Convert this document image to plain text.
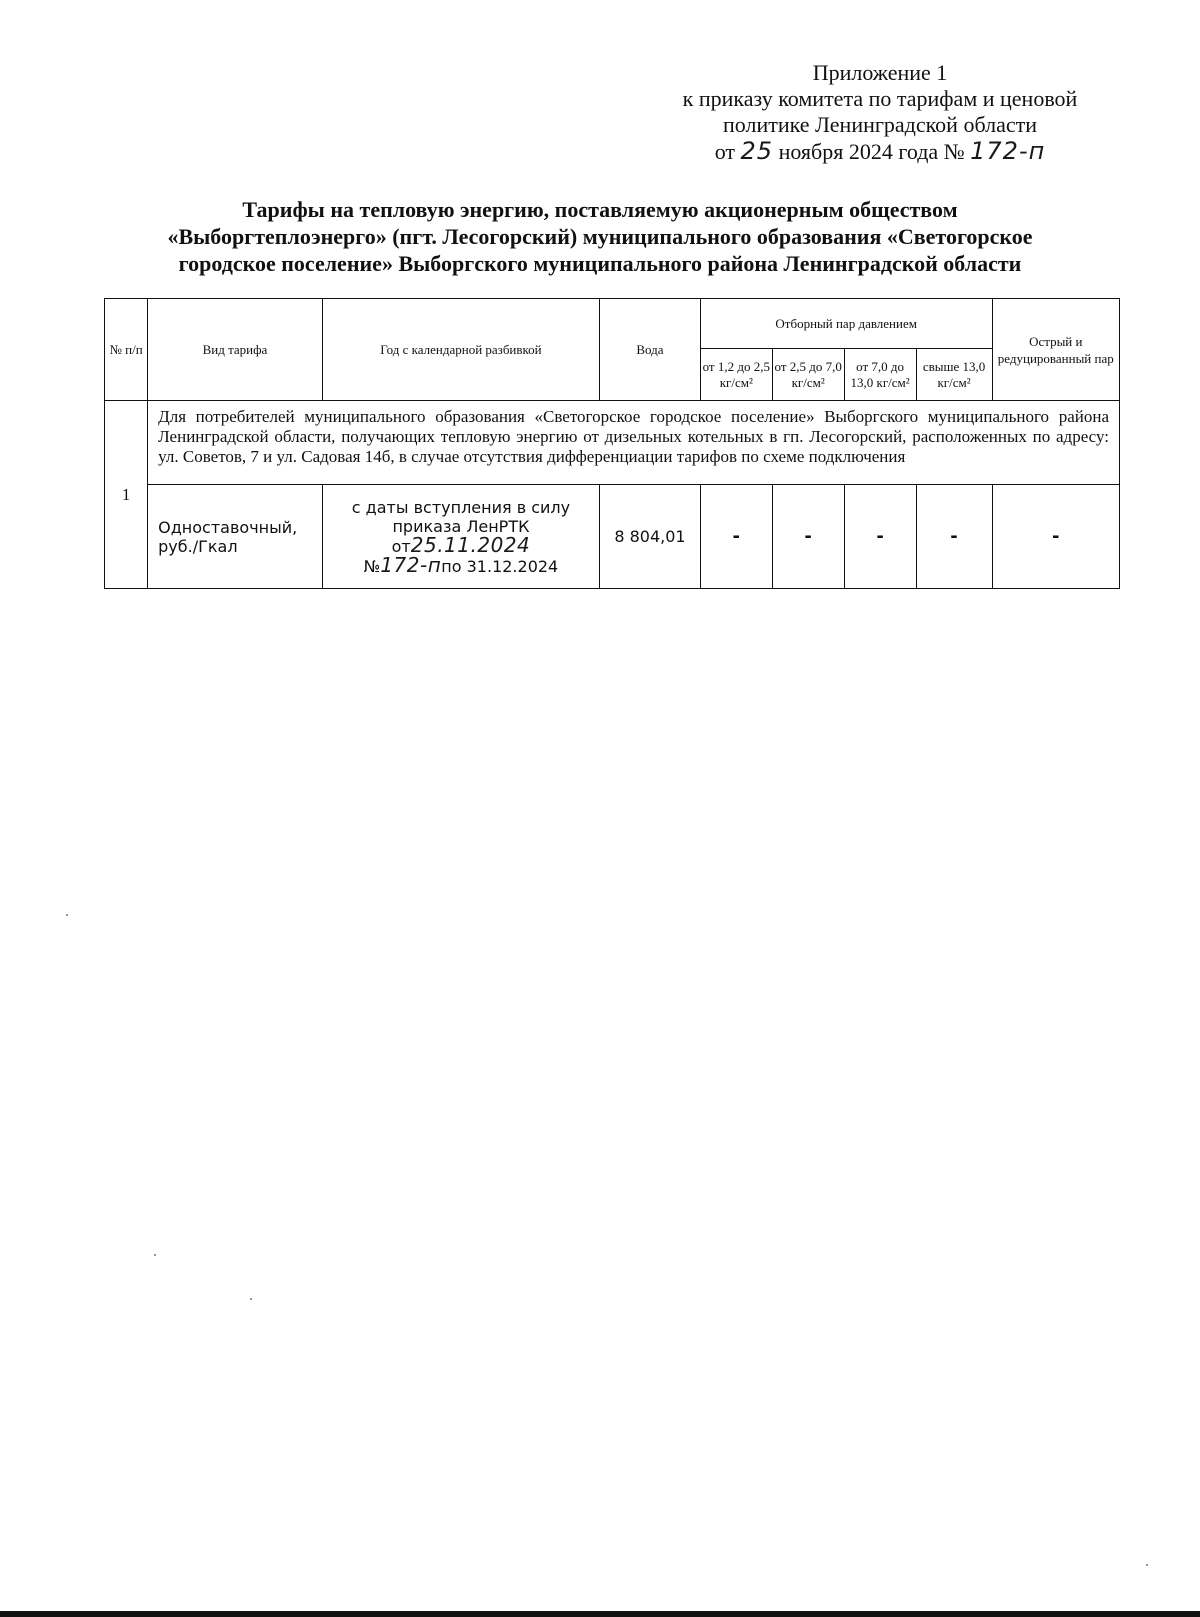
Приложение 1
к приказу комитета по тарифам и ценовой
политике Ленинградской области
от 25 ноября 2024 года № 172-п
Тарифы на тепловую энергию, поставляемую акционерным обществом
«Выборгтеплоэнерго» (пгт. Лесогорский) муниципального образования «Светогорское
городское поселение» Выборгского муниципального района Ленинградской области
№ п/п	Вид тарифа	Год с календарной разбивкой	Вода	Отборный пар давлением				Острый и редуцированный пар
				от 1,2 до 2,5 кг/см²	от 2,5 до 7,0 кг/см²	от 7,0 до 13,0 кг/см²	свыше 13,0 кг/см²	
1	Для потребителей муниципального образования «Светогорское городское поселение» Выборгского муниципального района Ленинградской области, получающих тепловую энергию от дизельных котельных в гп. Лесогорский, расположенных по адресу: ул. Советов, 7 и ул. Садовая 14б, в случае отсутствия дифференциации тарифов по схеме подключения							
	Одноставочный, руб./Гкал	с даты вступления в силу
приказа ЛенРТК от25.11.2024
№172-ппо 31.12.2024	8 804,01	-	-	-	-	-
